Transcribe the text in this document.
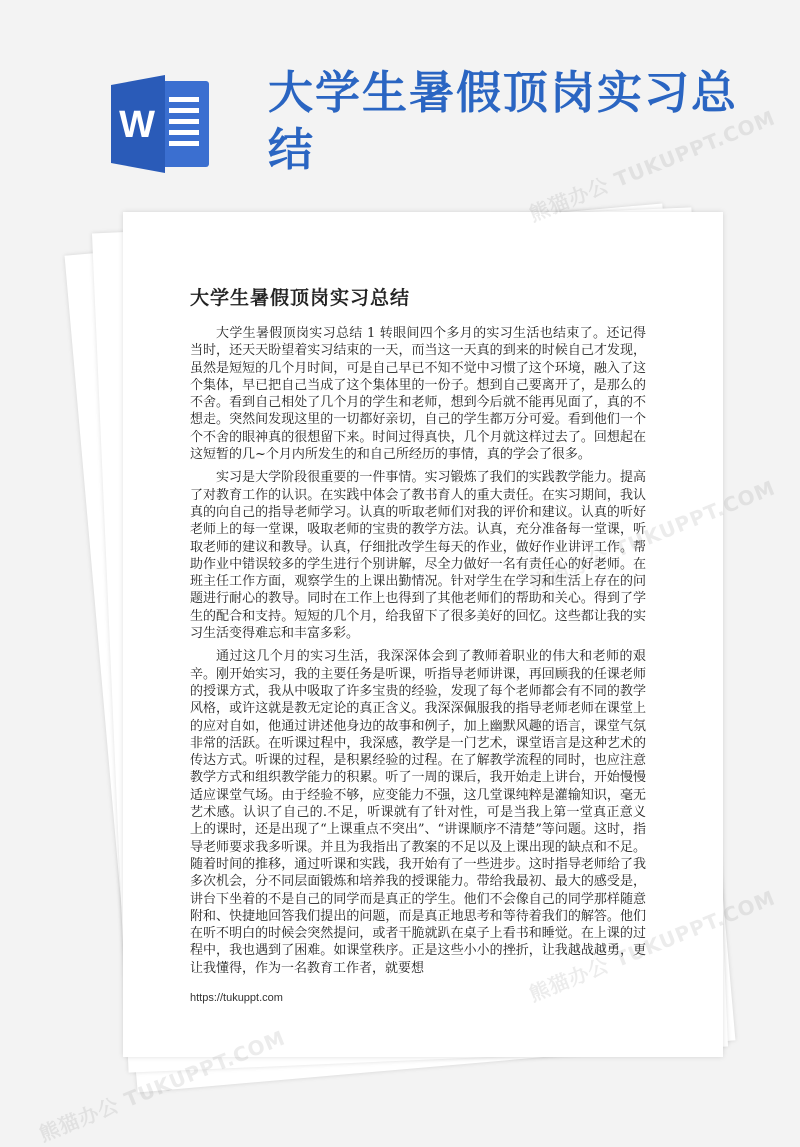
W
大学生暑假顶岗实习总结
大学生暑假顶岗实习总结

大学生暑假顶岗实习总结 1 转眼间四个多月的实习生活也结束了。还记得当时，还天天盼望着实习结束的一天，而当这一天真的到来的时候自己才发现，虽然是短短的几个月时间，可是自己早已不知不觉中习惯了这个环境，融入了这个集体，早已把自己当成了这个集体里的一份子。想到自己要离开了，是那么的不舍。看到自己相处了几个月的学生和老师，想到今后就不能再见面了，真的不想走。突然间发现这里的一切都好亲切，自己的学生都万分可爱。看到他们一个个不舍的眼神真的很想留下来。时间过得真快，几个月就这样过去了。回想起在这短暂的几~个月内所发生的和自己所经历的事情，真的学会了很多。

实习是大学阶段很重要的一件事情。实习锻炼了我们的实践教学能力。提高了对教育工作的认识。在实践中体会了教书育人的重大责任。在实习期间，我认真的向自己的指导老师学习。认真的听取老师们对我的评价和建议。认真的听好老师上的每一堂课，吸取老师的宝贵的教学方法。认真，充分准备每一堂课，听取老师的建议和教导。认真，仔细批改学生每天的作业，做好作业讲评工作。帮助作业中错误较多的学生进行个别讲解，尽全力做好一名有责任心的好老师。在班主任工作方面，观察学生的上课出勤情况。针对学生在学习和生活上存在的问题进行耐心的教导。同时在工作上也得到了其他老师们的帮助和关心。得到了学生的配合和支持。短短的几个月，给我留下了很多美好的回忆。这些都让我的实习生活变得难忘和丰富多彩。

通过这几个月的实习生活，我深深体会到了教师着职业的伟大和老师的艰辛。刚开始实习，我的主要任务是听课，听指导老师讲课，再回顾我的任课老师的授课方式，我从中吸取了许多宝贵的经验，发现了每个老师都会有不同的教学风格，或许这就是教无定论的真正含义。我深深佩服我的指导老师老师在课堂上的应对自如，他通过讲述他身边的故事和例子，加上幽默风趣的语言，课堂气氛非常的活跃。在听课过程中，我深感，教学是一门艺术，课堂语言是这种艺术的传达方式。听课的过程，是积累经验的过程。在了解教学流程的同时，也应注意教学方式和组织教学能力的积累。听了一周的课后，我开始走上讲台，开始慢慢适应课堂气场。由于经验不够，应变能力不强，这几堂课纯粹是灌输知识，毫无艺术感。认识了自己的.不足，听课就有了针对性，可是当我上第一堂真正意义上的课时，还是出现了“上课重点不突出”、“讲课顺序不清楚”等问题。这时，指导老师要求我多听课。并且为我指出了教案的不足以及上课出现的缺点和不足。随着时间的推移，通过听课和实践，我开始有了一些进步。这时指导老师给了我多次机会，分不同层面锻炼和培养我的授课能力。带给我最初、最大的感受是，讲台下坐着的不是自己的同学而是真正的学生。他们不会像自己的同学那样随意附和、快捷地回答我们提出的问题，而是真正地思考和等待着我们的解答。他们在听不明白的时候会突然提问，或者干脆就趴在桌子上看书和睡觉。在上课的过程中，我也遇到了困难。如课堂秩序。正是这些小小的挫折，让我越战越勇，更让我懂得，作为一名教育工作者，就要想

https://tukuppt.com
熊猫办公 TUKUPPT.COM
熊猫办公
